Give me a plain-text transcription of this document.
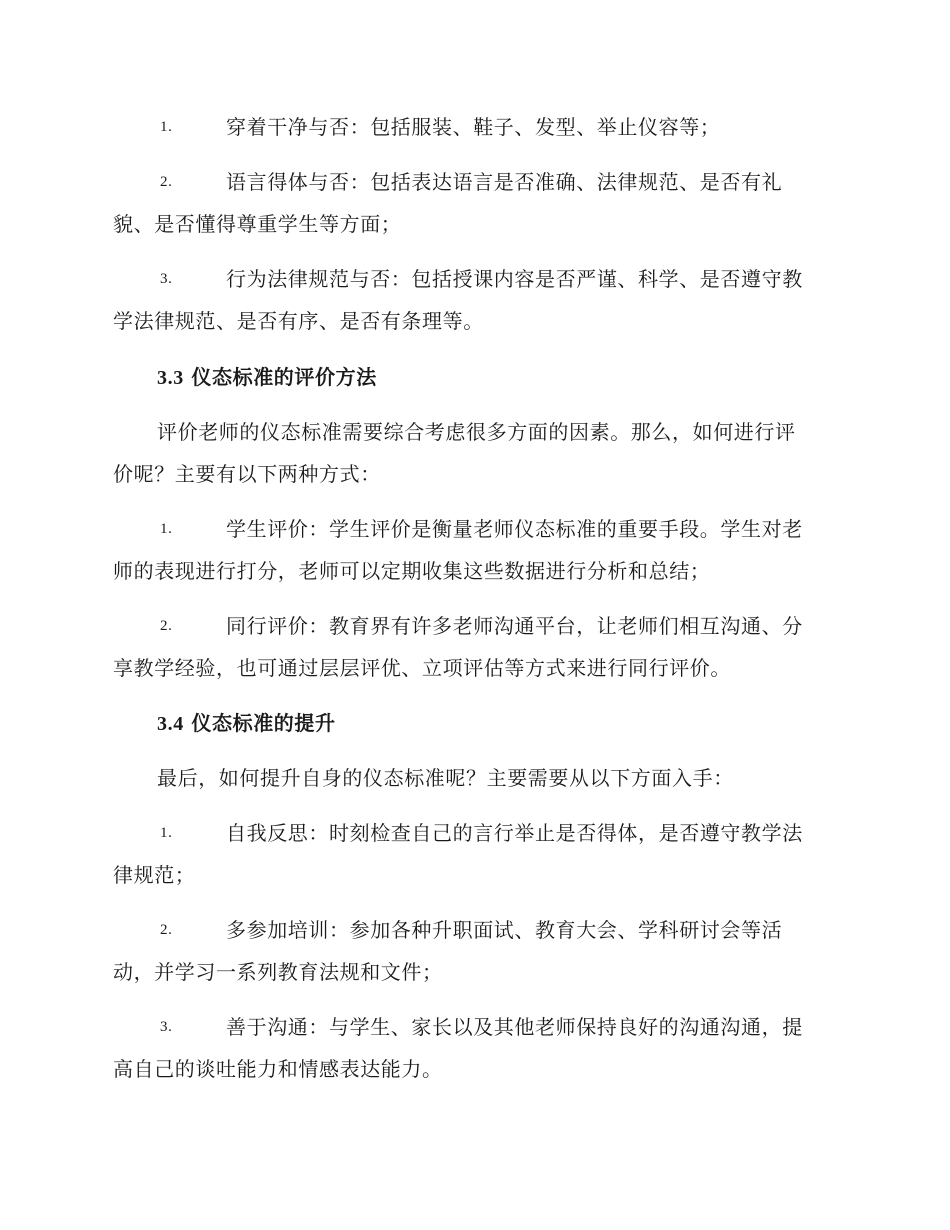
1.	穿着干净与否：包括服装、鞋子、发型、举止仪容等；
2.	语言得体与否：包括表达语言是否准确、法律规范、是否有礼
貌、是否懂得尊重学生等方面；
3.	行为法律规范与否：包括授课内容是否严谨、科学、是否遵守教
学法律规范、是否有序、是否有条理等。
3.3 仪态标准的评价方法
评价老师的仪态标准需要综合考虑很多方面的因素。那么，如何进行评
价呢？主要有以下两种方式：
1.	学生评价：学生评价是衡量老师仪态标准的重要手段。学生对老
师的表现进行打分，老师可以定期收集这些数据进行分析和总结；
2.	同行评价：教育界有许多老师沟通平台，让老师们相互沟通、分
享教学经验，也可通过层层评优、立项评估等方式来进行同行评价。
3.4 仪态标准的提升
最后，如何提升自身的仪态标准呢？主要需要从以下方面入手：
1.	自我反思：时刻检查自己的言行举止是否得体，是否遵守教学法
律规范；
2.	多参加培训：参加各种升职面试、教育大会、学科研讨会等活
动，并学习一系列教育法规和文件；
3.	善于沟通：与学生、家长以及其他老师保持良好的沟通沟通，提
高自己的谈吐能力和情感表达能力。
